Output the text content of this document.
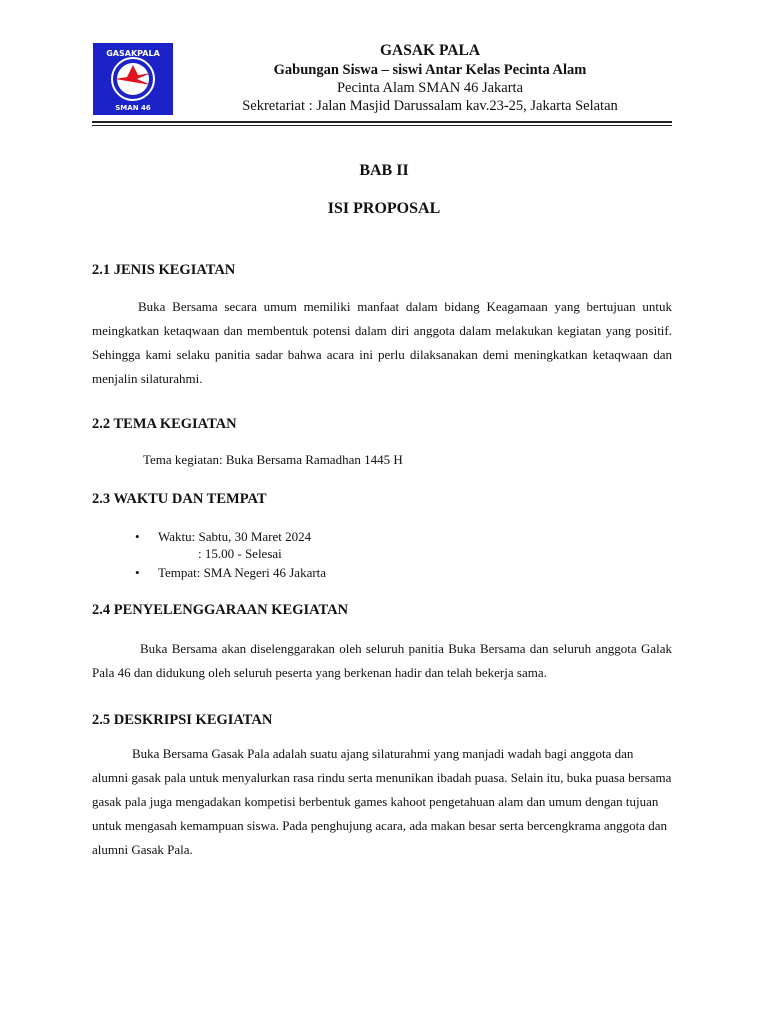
GASAKPALA
SMAN 46
GASAK PALA
Gabungan Siswa – siswi Antar Kelas Pecinta Alam
Pecinta Alam SMAN 46 Jakarta
Sekretariat : Jalan Masjid Darussalam kav.23-25, Jakarta Selatan
BAB II
ISI PROPOSAL
2.1 JENIS KEGIATAN
Buka Bersama secara umum memiliki manfaat dalam bidang Keagamaan yang bertujuan untuk meingkatkan ketaqwaan dan membentuk potensi dalam diri anggota dalam melakukan kegiatan yang positif. Sehingga kami selaku panitia sadar bahwa acara ini perlu dilaksanakan demi meningkatkan ketaqwaan dan menjalin silaturahmi.
2.2 TEMA KEGIATAN
Tema kegiatan: Buka Bersama Ramadhan 1445 H
2.3 WAKTU DAN TEMPAT
• Waktu: Sabtu, 30 Maret 2024
: 15.00 - Selesai
• Tempat: SMA Negeri 46 Jakarta
2.4 PENYELENGGARAAN KEGIATAN
Buka Bersama akan diselenggarakan oleh seluruh panitia Buka Bersama dan seluruh anggota Galak Pala 46 dan didukung oleh seluruh peserta yang berkenan hadir dan telah bekerja sama.
2.5 DESKRIPSI KEGIATAN
Buka Bersama Gasak Pala adalah suatu ajang silaturahmi yang manjadi wadah bagi anggota dan alumni gasak pala untuk menyalurkan rasa rindu serta menunikan ibadah puasa. Selain itu, buka puasa bersama gasak pala juga mengadakan kompetisi berbentuk games kahoot pengetahuan alam dan umum dengan tujuan untuk mengasah kemampuan siswa. Pada penghujung acara, ada makan besar serta bercengkrama anggota dan alumni Gasak Pala.
